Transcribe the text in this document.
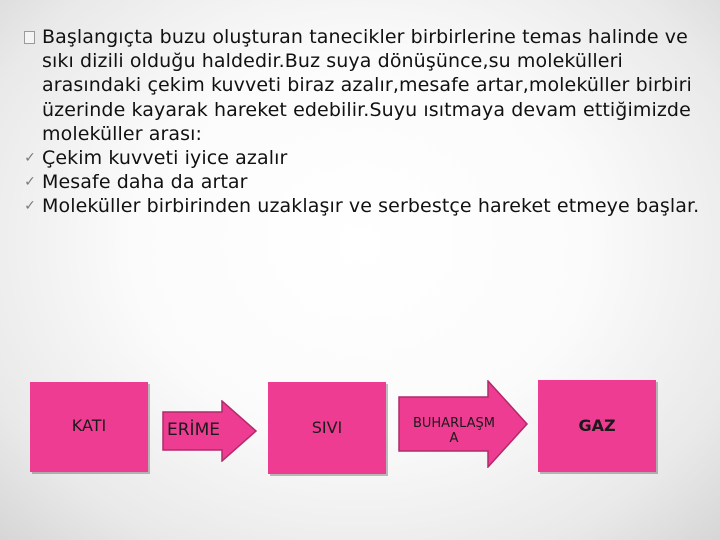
Başlangıçta buzu oluşturan tanecikler birbirlerine temas halinde ve sıkı dizili olduğu haldedir.Buz suya dönüşünce,su molekülleri arasındaki çekim kuvveti biraz azalır,mesafe artar,moleküller birbiri üzerinde kayarak hareket edebilir.Suyu ısıtmaya devam ettiğimizde moleküller arası:
✓ Çekim kuvveti iyice azalır
✓ Mesafe daha da artar
✓ Moleküller birbirinden uzaklaşır ve serbestçe hareket etmeye başlar.
KATI	ERİME	SIVI	BUHARLAŞM A
GAZ
